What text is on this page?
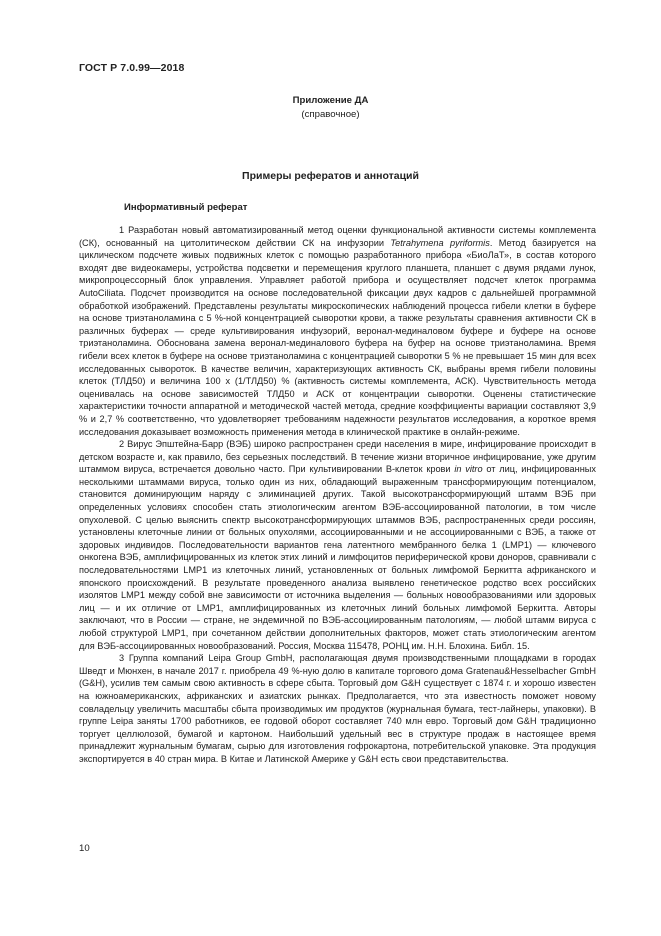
ГОСТ Р 7.0.99—2018
Приложение ДА
(справочное)
Примеры рефератов и аннотаций
Информативный реферат

1 Разработан новый автоматизированный метод оценки функциональной активности системы комплемента (СК), основанный на цитолитическом действии СК на инфузории Tetrahymena pyriformis. Метод базируется на цикличеcком подсчете живых подвижных клеток с помощью разработанного прибора «БиоЛаТ», в состав которого входят две видеокамеры, устройства подсветки и перемещения круглого планшета, планшет с двумя рядами лунок, микропроцессорный блок управления. Управляет работой прибора и осуществляет подсчет клеток программа AutoCiliata. Подсчет производится на основе последовательной фиксации двух кадров с дальнейшей программной обработкой изображений. Представлены результаты микроскопических наблюдений процесса гибели клетки в буфере на основе триэтаноламина с 5 %-ной концентрацией сыворотки крови, а также результаты сравнения активности СК в различных буферах — среде культивирования инфузорий, веронал-мединаловом буфере и буфере на основе триэтаноламина. Обоснована замена веронал-мединалового буфера на буфер на основе триэтаноламина. Время гибели всех клеток в буфере на основе триэтаноламина с концентрацией сыворотки 5 % не превышает 15 мин для всех исследованных сывороток. В качестве величин, характеризующих активность СК, выбраны время гибели половины клеток (ТЛД50) и величина 100 х (1/ТЛД50) % (активность системы комплемента, АСК). Чувствительность метода оценивалась на основе зависимостей ТЛД50 и АСК от концентрации сыворотки. Оценены статистические характеристики точности аппаратной и методической частей метода, средние коэффициенты вариации составляют 3,9 % и 2,7 % соответственно, что удовлетворяет требованиям надежности результатов исследования, а короткое время исследования доказывает возможность применения метода в клинической практике в онлайн-режиме.

2 Вирус Эпштейна-Барр (ВЭБ) широко распространен среди населения в мире, инфицирование происходит в детском возрасте и, как правило, без серьезных последствий. В течение жизни вторичное инфицирование, уже другим штаммом вируса, встречается довольно часто. При культивировании В-клеток крови in vitro от лиц, инфицированных несколькими штаммами вируса, только один из них, обладающий выраженным трансформирующим потенциалом, становится доминирующим наряду с элиминацией других. Такой высокотрансформирующий штамм ВЭБ при определенных условиях способен стать этиологическим агентом ВЭБ-ассоциированной патологии, в том числе опухолевой. С целью выяснить спектр высокотрансформирующих штаммов ВЭБ, распространенных среди россиян, установлены клеточные линии от больных опухолями, ассоциированными и не ассоциированными с ВЭБ, а также от здоровых индивидов. Последовательности вариантов гена латентного мембранного белка 1 (LMP1) — ключевого онкогена ВЭБ, амплифицированных из клеток этих линий и лимфоцитов периферической крови доноров, сравнивали с последовательностями LMP1 из клеточных линий, установленных от больных лимфомой Беркитта африканского и японского происхождений. В результате проведенного анализа выявлено генетическое родство всех российских изолятов LMP1 между собой вне зависимости от источника выделения — больных новообразованиями или здоровых лиц — и их отличие от LMP1, амплифицированных из клеточных линий больных лимфомой Беркитта. Авторы заключают, что в России — стране, не эндемичной по ВЭБ-ассоциированным патологиям, — любой штамм вируса с любой структурой LMP1, при сочетанном действии дополнительных факторов, может стать этиологическим агентом для ВЭБ-ассоциированных новообразований. Россия, Москва 115478, РОНЦ им. Н.Н. Блохина. Библ. 15.

3 Группа компаний Leipa Group GmbH, располагающая двумя производственными площадками в городах Шведт и Мюнхен, в начале 2017 г. приобрела 49 %-ную долю в капитале торгового дома Gratenau&Hesselbacher GmbH (G&H), усилив тем самым свою активность в сфере сбыта. Торговый дом G&H существует с 1874 г. и хорошо известен на южноамериканских, африканских и азиатских рынках. Предполагается, что эта известность поможет новому совладельцу увеличить масштабы сбыта производимых им продуктов (журнальная бумага, тест-лайнеры, упаковки). В группе Leipa заняты 1700 работников, ее годовой оборот составляет 740 млн евро. Торговый дом G&H традиционно торгует целлюлозой, бумагой и картоном. Наибольший удельный вес в структуре продаж в настоящее время принадлежит журнальным бумагам, сырью для изготовления гофрокартона, потребительской упаковке. Эта продукция экспортируется в 40 стран мира. В Китае и Латинской Америке у G&H есть свои представительства.

10
